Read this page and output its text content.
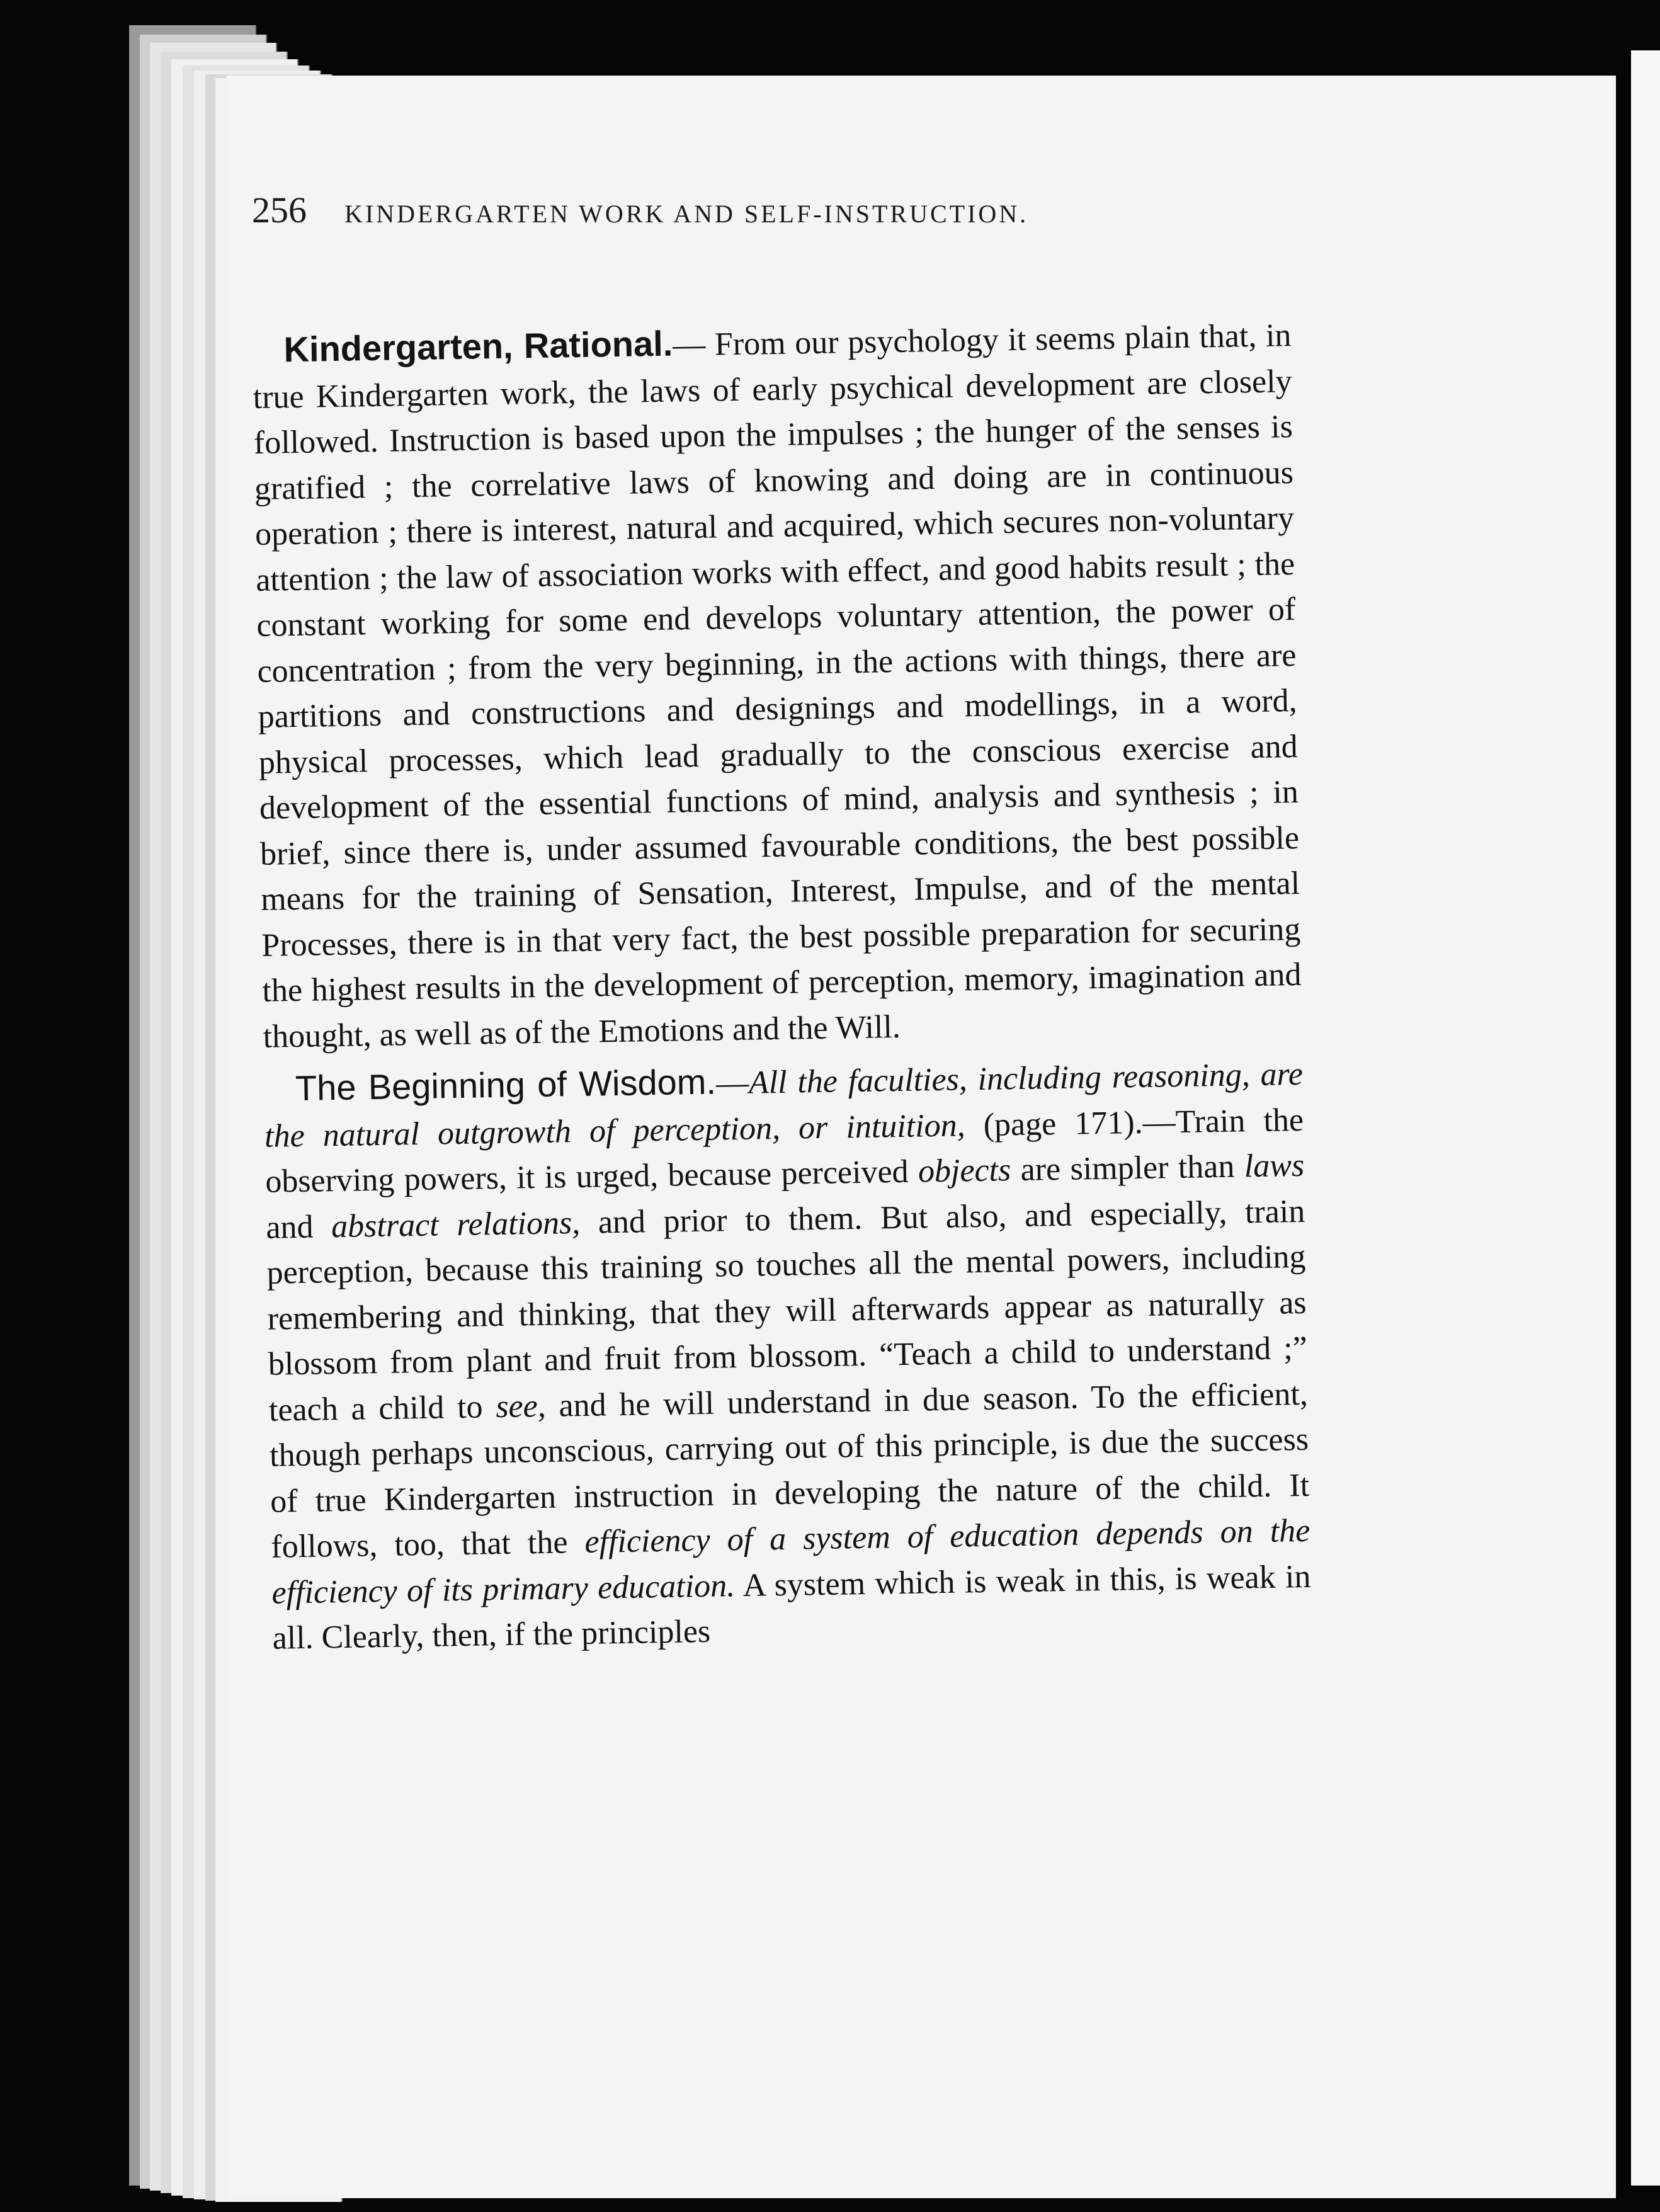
256 KINDERGARTEN WORK AND SELF-INSTRUCTION.

Kindergarten, Rational.— From our psychology it seems plain that, in true Kindergarten work, the laws of early psychical development are closely followed. Instruction is based upon the impulses ; the hunger of the senses is gratified ; the correlative laws of knowing and doing are in continuous operation ; there is interest, natural and acquired, which secures non-voluntary attention ; the law of association works with effect, and good habits result ; the constant working for some end develops voluntary attention, the power of concentration ; from the very beginning, in the actions with things, there are partitions and constructions and designings and modellings, in a word, physical processes, which lead gradually to the conscious exercise and development of the essential functions of mind, analysis and synthesis ; in brief, since there is, under assumed favourable conditions, the best possible means for the training of Sensation, Interest, Impulse, and of the mental Processes, there is in that very fact, the best possible preparation for securing the highest results in the development of perception, memory, imagination and thought, as well as of the Emotions and the Will.

The Beginning of Wisdom.—All the faculties, including reasoning, are the natural outgrowth of perception, or intuition, (page 171).—Train the observing powers, it is urged, because perceived objects are simpler than laws and abstract relations, and prior to them. But also, and especially, train perception, because this training so touches all the mental powers, including remembering and thinking, that they will afterwards appear as naturally as blossom from plant and fruit from blossom. “Teach a child to understand ;” teach a child to see, and he will understand in due season. To the efficient, though perhaps unconscious, carrying out of this principle, is due the success of true Kindergarten instruction in developing the nature of the child. It follows, too, that the efficiency of a system of education depends on the efficiency of its primary education. A system which is weak in this, is weak in all. Clearly, then, if the principles
